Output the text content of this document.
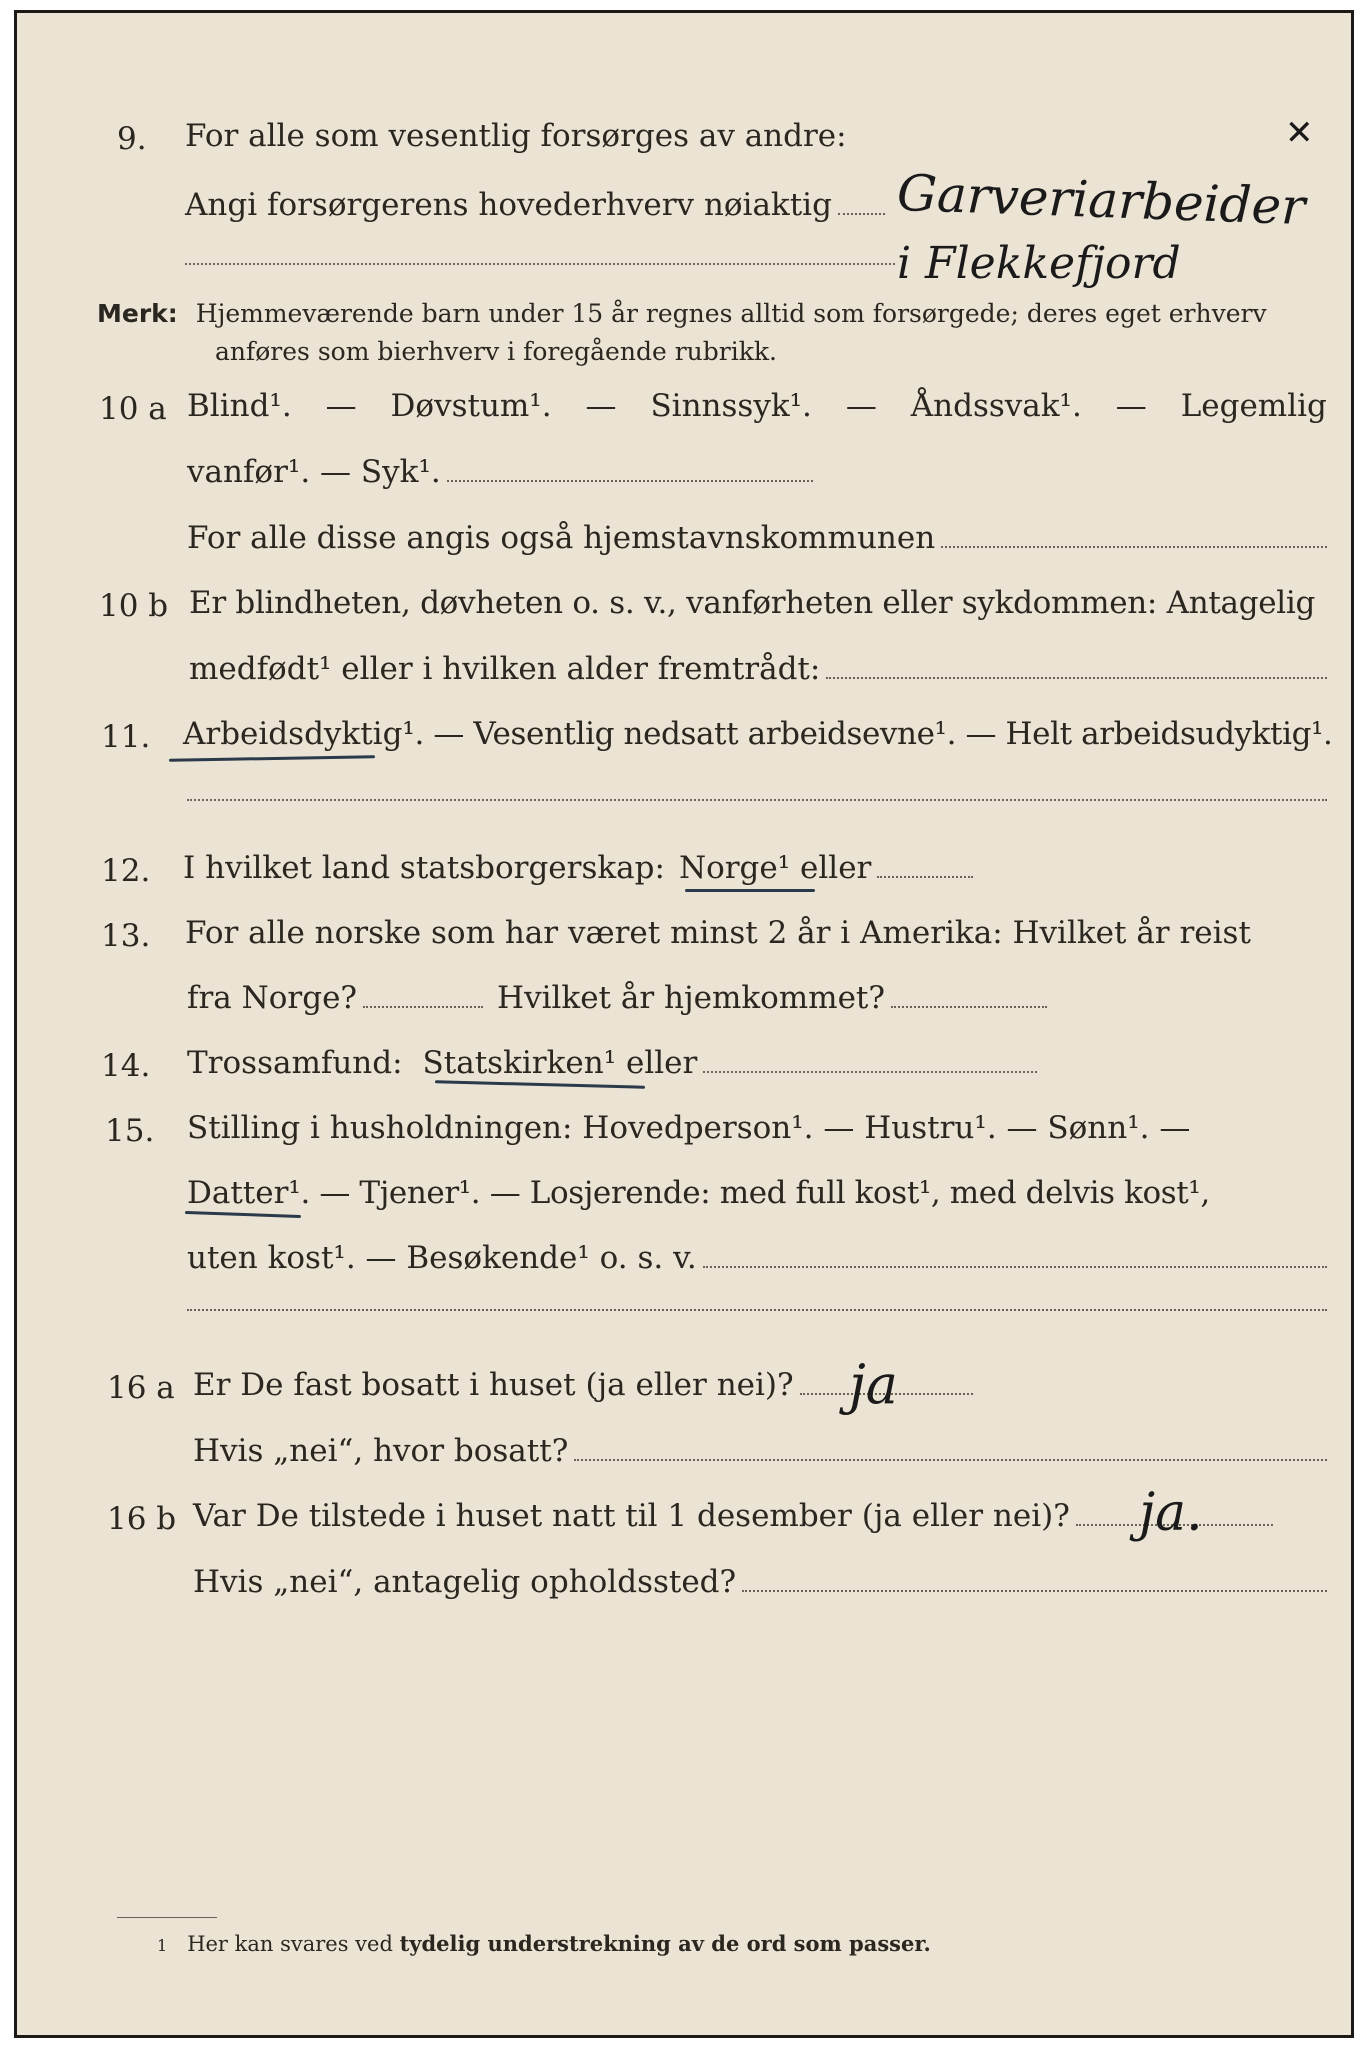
9. For alle som vesentlig forsørges av andre:
Angi forsørgerens hovederhverv nøiaktig Garveriarbeider
i Flekkefjord
✕
Merk: Hjemmeværende barn under 15 år regnes alltid som forsørgede; deres eget erhverv
anføres som bierhverv i foregående rubrikk.
10 a Blind¹. — Døvstum¹. — Sinnssyk¹. — Åndssvak¹. — Legemlig
vanfør¹. — Syk¹.
For alle disse angis også hjemstavnskommunen
10 b Er blindheten, døvheten o. s. v., vanførheten eller sykdommen: Antagelig
medfødt¹ eller i hvilken alder fremtrådt:
11. Arbeidsdyktig ¹. — Vesentlig nedsatt arbeidsevne¹. — Helt arbeidsudyktig¹.
12. I hvilket land statsborgerskap: Norge ¹ eller
13. For alle norske som har været minst 2 år i Amerika: Hvilket år reist
fra Norge?	Hvilket år hjemkommet?
14. Trossamfund: Statskirken ¹ eller
15. Stilling i husholdningen: Hovedperson¹. — Hustru¹. — Sønn¹. —
Datter ¹. — Tjener¹. — Losjerende: med full kost¹, med delvis kost¹,
uten kost¹. — Besøkende¹ o. s. v.
16 a Er De fast bosatt i huset (ja eller nei)? ja
Hvis „nei“, hvor bosatt?
16 b Var De tilstede i huset natt til 1 desember (ja eller nei)? ja.
Hvis „nei“, antagelig opholdssted?
1 Her kan svares ved tydelig understrekning av de ord som passer.
